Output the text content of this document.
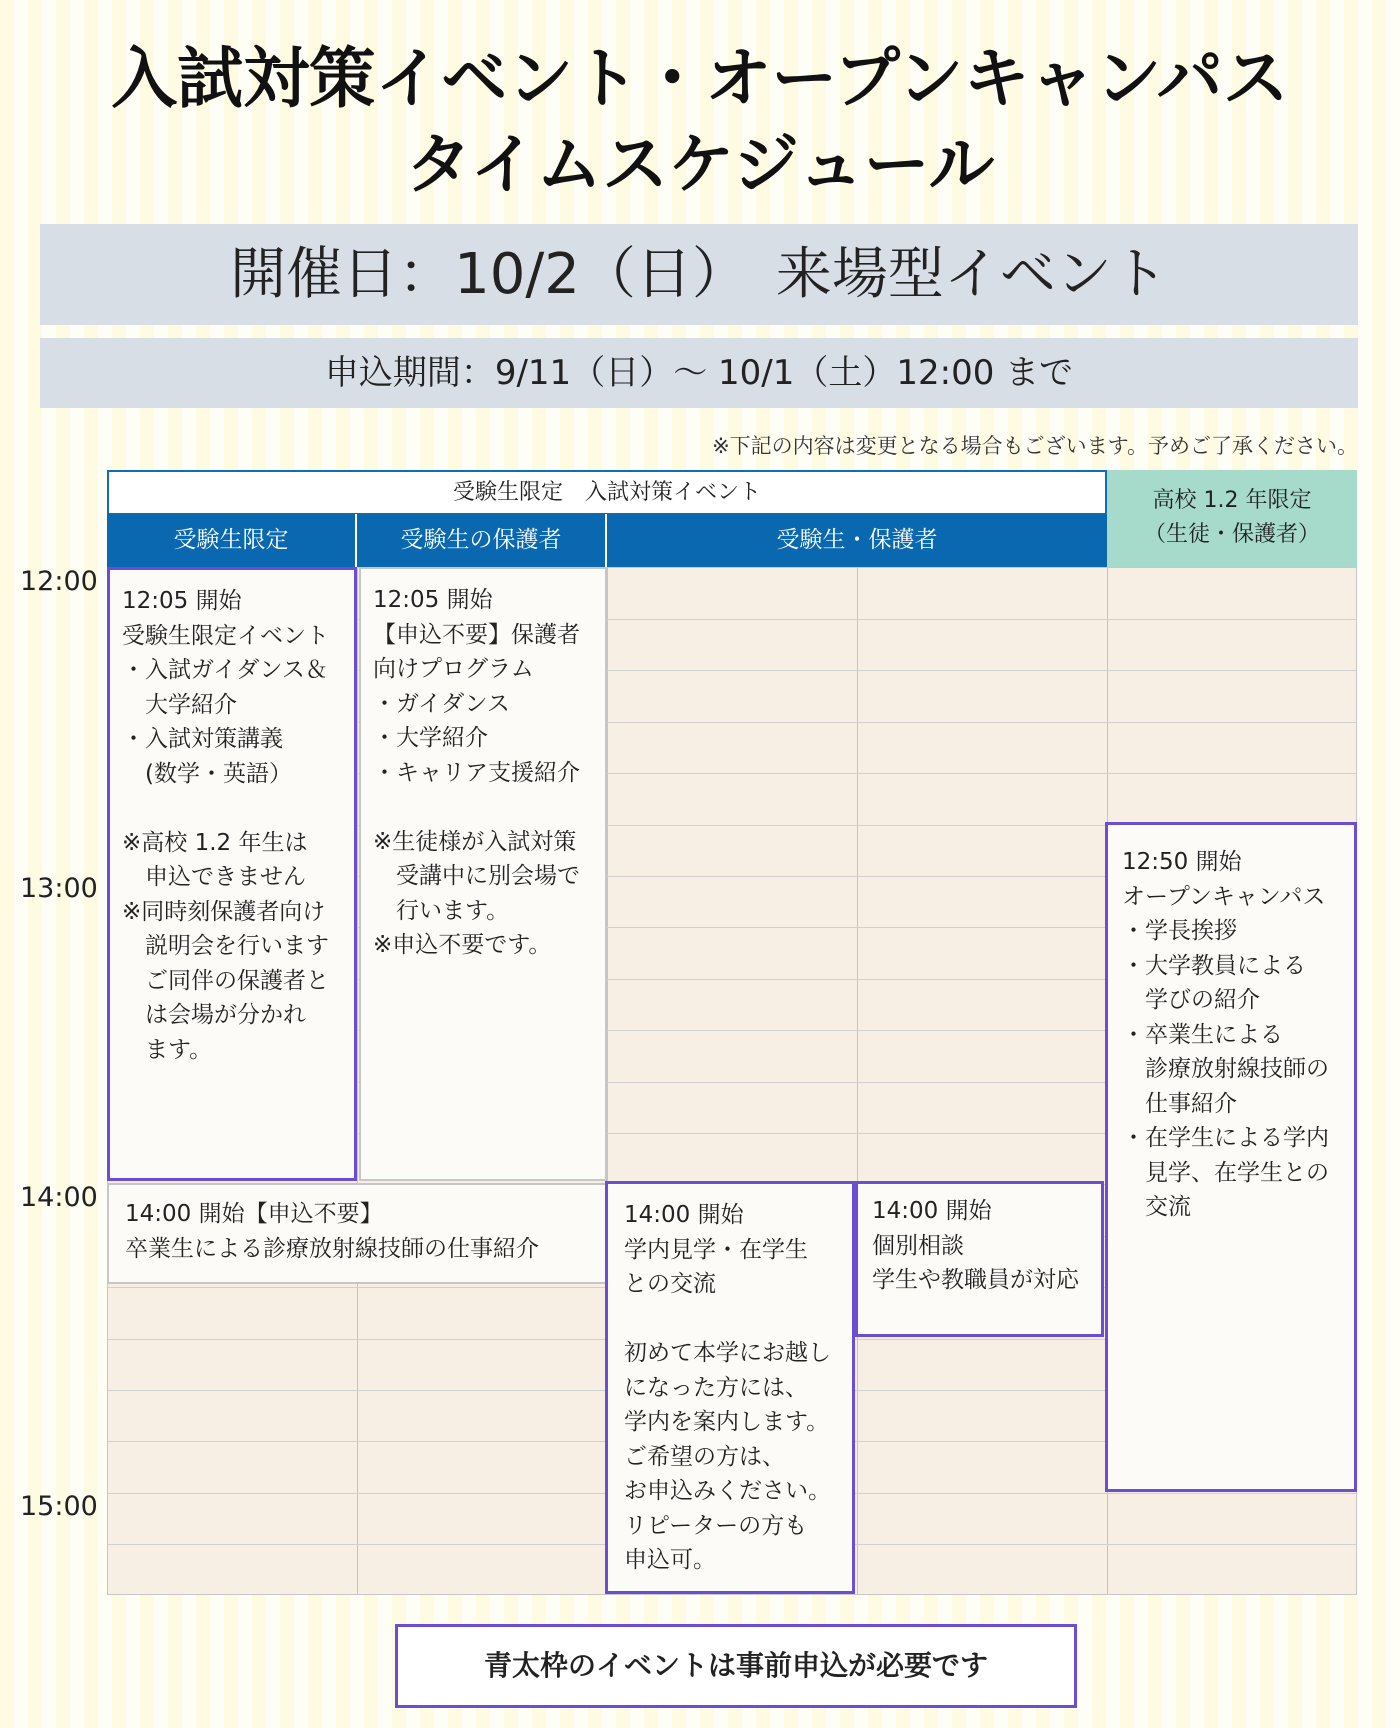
入試対策イベント・オープンキャンパス
タイムスケジュール
開催日：10/2（日）　来場型イベント
申込期間：9/11（日）〜 10/1（土）12:00 まで
※下記の内容は変更となる場合もございます。予めご了承ください。
受験生限定　入試対策イベント
受験生限定	受験生の保護者	受験生・保護者
高校 1.2 年限定
（生徒・保護者）
12:00
13:00
14:00
15:00
12:05 開始
受験生限定イベント
・入試ガイダンス＆
　大学紹介
・入試対策講義
　(数学・英語）

※高校 1.2 年生は
　申込できません
※同時刻保護者向け
　説明会を行います
　ご同伴の保護者と
　は会場が分かれ
　ます。
12:05 開始
【申込不要】保護者
向けプログラム
・ガイダンス
・大学紹介
・キャリア支援紹介

※生徒様が入試対策
　受講中に別会場で
　行います。
※申込不要です。
14:00 開始【申込不要】
卒業生による診療放射線技師の仕事紹介
14:00 開始
学内見学・在学生
との交流

初めて本学にお越し
になった方には、
学内を案内します。
ご希望の方は、
お申込みください。
リピーターの方も
申込可。
14:00 開始
個別相談
学生や教職員が対応
12:50 開始
オープンキャンパス
・学長挨拶
・大学教員による
　学びの紹介
・卒業生による
　診療放射線技師の
　仕事紹介
・在学生による学内
　見学、在学生との
　交流
青太枠のイベントは事前申込が必要です
